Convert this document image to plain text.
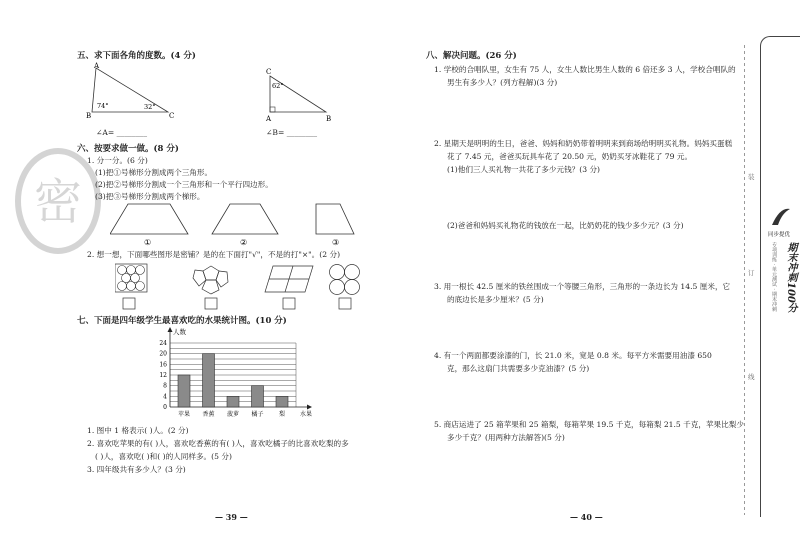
密
五、求下面各角的度数。(4 分)
A
B	C
74°	32°
C
A	B
62°
∠A= ________	∠B= ________
六、按要求做一做。(8 分)
1. 分一分。(6 分)
(1)把①号梯形分割成两个三角形。
(2)把②号梯形分割成一个三角形和一个平行四边形。
(3)把③号梯形分割成两个梯形。
①	②	③
2. 想一想，下面哪些图形是密铺？是的在下面打"√"，不是的打"×"。(2 分)
七、下面是四年级学生最喜欢吃的水果统计图。(10 分)
人数
0
4
8
12
16
20
24
苹果 香蕉 菠萝 橘子	梨 水果
1. 图中 1 格表示( )人。(2 分)
2. 喜欢吃苹果的有( )人，喜欢吃香蕉的有( )人，喜欢吃橘子的比喜欢吃梨的多
( )人，喜欢吃( )和( )的人同样多。(5 分)
3. 四年级共有多少人？(3 分)
— 39 —
八、解决问题。(26 分)
1. 学校的合唱队里，女生有 75 人，女生人数比男生人数的 6 倍还多 3 人，学校合唱队的
男生有多少人？(列方程解)(3 分)
2. 星期天是明明的生日，爸爸、妈妈和奶奶带着明明来到商场给明明买礼物。妈妈买蛋糕
花了 7.45 元，爸爸买玩具车花了 20.50 元，奶奶买牙冰鞋花了 79 元。
(1)他们三人买礼物一共花了多少元钱？(3 分)
(2)爸爸和妈妈买礼物花的钱放在一起，比奶奶花的钱少多少元？(3 分)
3. 用一根长 42.5 厘米的铁丝围成一个等腰三角形，三角形的一条边长为 14.5 厘米，它
的底边长是多少厘米？(5 分)
4. 有一个两面都要涂漆的门，长 21.0 米，宽是 0.8 米。每平方米需要用油漆 650
克，那么这扇门共需要多少克油漆？(5 分)
5. 商店运进了 25 箱苹果和 25 箱梨，每箱苹果 19.5 千克，每箱梨 21.5 千克，苹果比梨少
多少千克？(用两种方法解答)(5 分)
— 40 —
装
订
线
同步提优
期末冲刺100分
专项训练 · 单元测试 · 期末冲刺
